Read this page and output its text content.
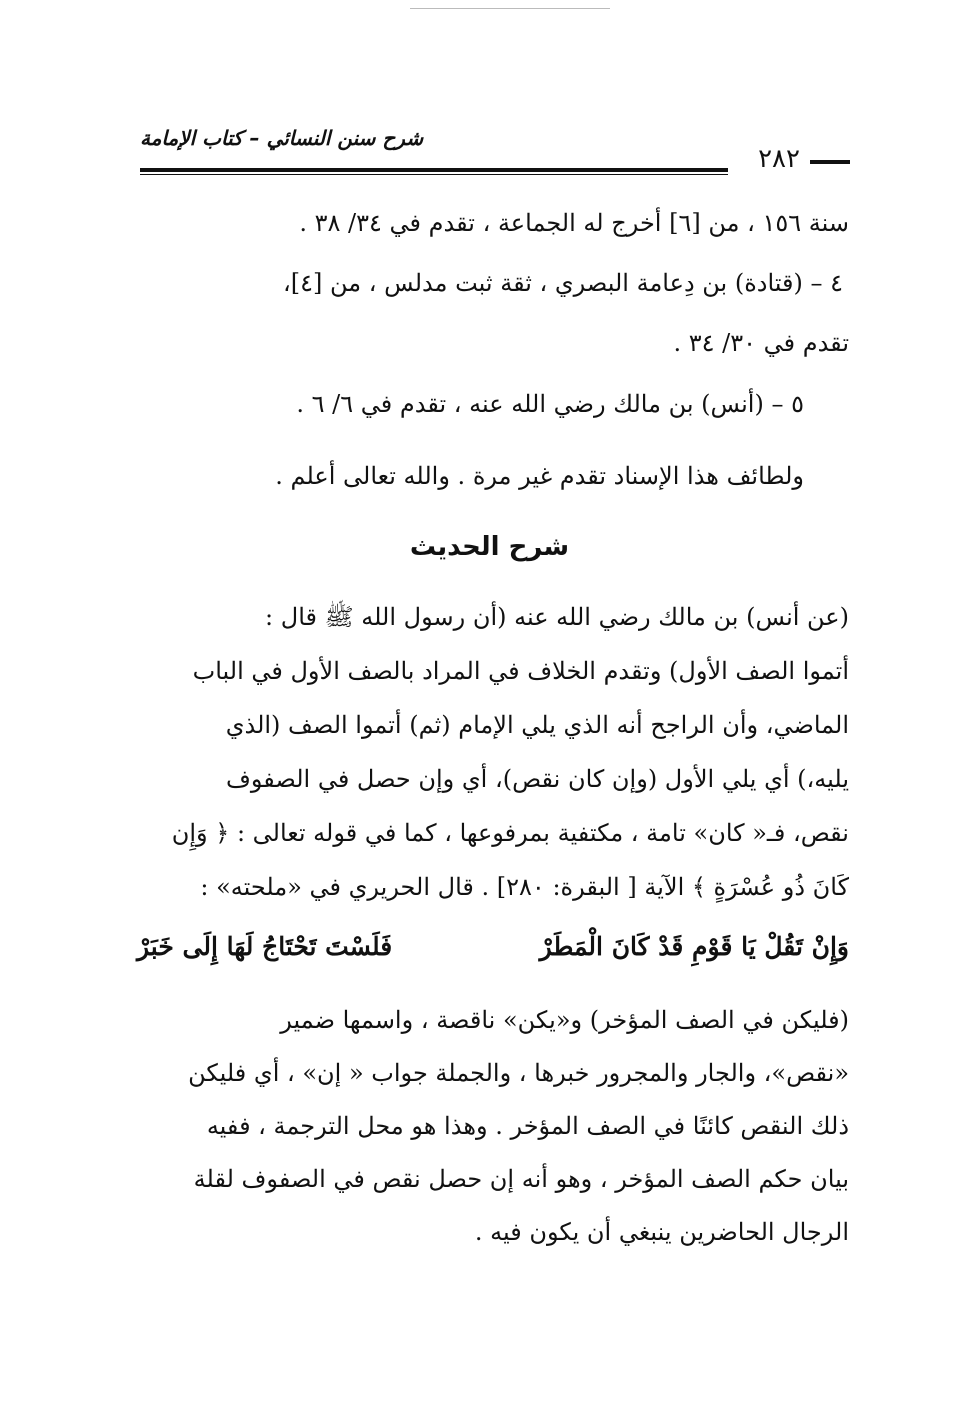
شرح سنن النسائي – كتاب الإمامة
٢٨٢
سنة ١٥٦ ، من [٦] أخرج له الجماعة ، تقدم في ٣٤/ ٣٨ .
٤ – (قتادة) بن دِعامة البصري ، ثقة ثبت مدلس ، من [٤]،
تقدم في ٣٠/ ٣٤ .
٥ – (أنس) بن مالك رضي الله عنه ، تقدم في ٦/ ٦ .
ولطائف هذا الإسناد تقدم غير مرة . والله تعالى أعلم .
شرح الحديث
(عن أنس) بن مالك رضي الله عنه (أن رسول الله ﷺ قال :
أتموا الصف الأول) وتقدم الخلاف في المراد بالصف الأول في الباب
الماضي، وأن الراجح أنه الذي يلي الإمام (ثم) أتموا الصف (الذي
يليه،) أي يلي الأول (وإن كان نقص)، أي وإن حصل في الصفوف
نقص، فـ« كان» تامة ، مكتفية بمرفوعها ، كما في قوله تعالى : ﴿ وَإِن
كَانَ ذُو عُسْرَةٍ ﴾ الآية [ البقرة: ٢٨٠] . قال الحريري في «ملحته» :
وَإِنْ تَقُلْ يَا قَوْمِ قَدْ كَانَ الْمَطَرْ
فَلَسْتَ تَحْتَاجُ لَهَا إِلَى خَبَرْ
(فليكن في الصف المؤخر) و«يكن» ناقصة ، واسمها ضمير
«نقص»، والجار والمجرور خبرها ، والجملة جواب « إن» ، أي فليكن
ذلك النقص كائنًا في الصف المؤخر . وهذا هو محل الترجمة ، ففيه
بيان حكم الصف المؤخر ، وهو أنه إن حصل نقص في الصفوف لقلة
الرجال الحاضرين ينبغي أن يكون فيه .
